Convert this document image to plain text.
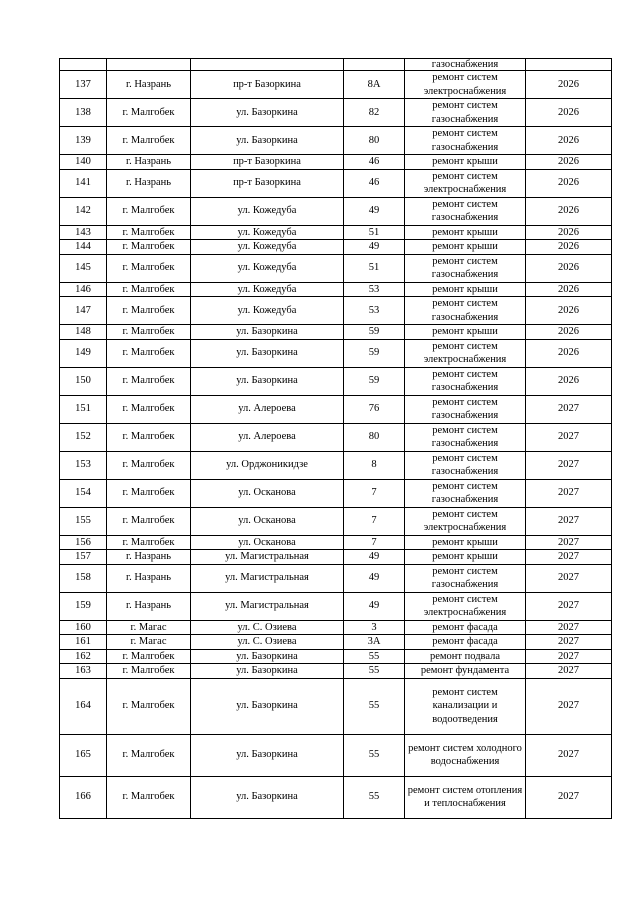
				газоснабжения	
137	г. Назрань	пр-т Базоркина	8А	ремонт систем электроснабжения	2026
138	г. Малгобек	ул. Базоркина	82	ремонт систем газоснабжения	2026
139	г. Малгобек	ул. Базоркина	80	ремонт систем газоснабжения	2026
140	г. Назрань	пр-т Базоркина	46	ремонт крыши	2026
141	г. Назрань	пр-т Базоркина	46	ремонт систем электроснабжения	2026
142	г. Малгобек	ул. Кожедуба	49	ремонт систем газоснабжения	2026
143	г. Малгобек	ул. Кожедуба	51	ремонт крыши	2026
144	г. Малгобек	ул. Кожедуба	49	ремонт крыши	2026
145	г. Малгобек	ул. Кожедуба	51	ремонт систем газоснабжения	2026
146	г. Малгобек	ул. Кожедуба	53	ремонт крыши	2026
147	г. Малгобек	ул. Кожедуба	53	ремонт систем газоснабжения	2026
148	г. Малгобек	ул. Базоркина	59	ремонт крыши	2026
149	г. Малгобек	ул. Базоркина	59	ремонт систем электроснабжения	2026
150	г. Малгобек	ул. Базоркина	59	ремонт систем газоснабжения	2026
151	г. Малгобек	ул. Алероева	76	ремонт систем газоснабжения	2027
152	г. Малгобек	ул. Алероева	80	ремонт систем газоснабжения	2027
153	г. Малгобек	ул. Орджоникидзе	8	ремонт систем газоснабжения	2027
154	г. Малгобек	ул. Осканова	7	ремонт систем газоснабжения	2027
155	г. Малгобек	ул. Осканова	7	ремонт систем электроснабжения	2027
156	г. Малгобек	ул. Осканова	7	ремонт крыши	2027
157	г. Назрань	ул. Магистральная	49	ремонт крыши	2027
158	г. Назрань	ул. Магистральная	49	ремонт систем газоснабжения	2027
159	г. Назрань	ул. Магистральная	49	ремонт систем электроснабжения	2027
160	г. Магас	ул. С. Озиева	3	ремонт фасада	2027
161	г. Магас	ул. С. Озиева	3А	ремонт фасада	2027
162	г. Малгобек	ул. Базоркина	55	ремонт подвала	2027
163	г. Малгобек	ул. Базоркина	55	ремонт фундамента	2027
164	г. Малгобек	ул. Базоркина	55	ремонт систем канализации и водоотведения	2027
165	г. Малгобек	ул. Базоркина	55	ремонт систем холодного водоснабжения	2027
166	г. Малгобек	ул. Базоркина	55	ремонт систем отопления и теплоснабжения	2027
